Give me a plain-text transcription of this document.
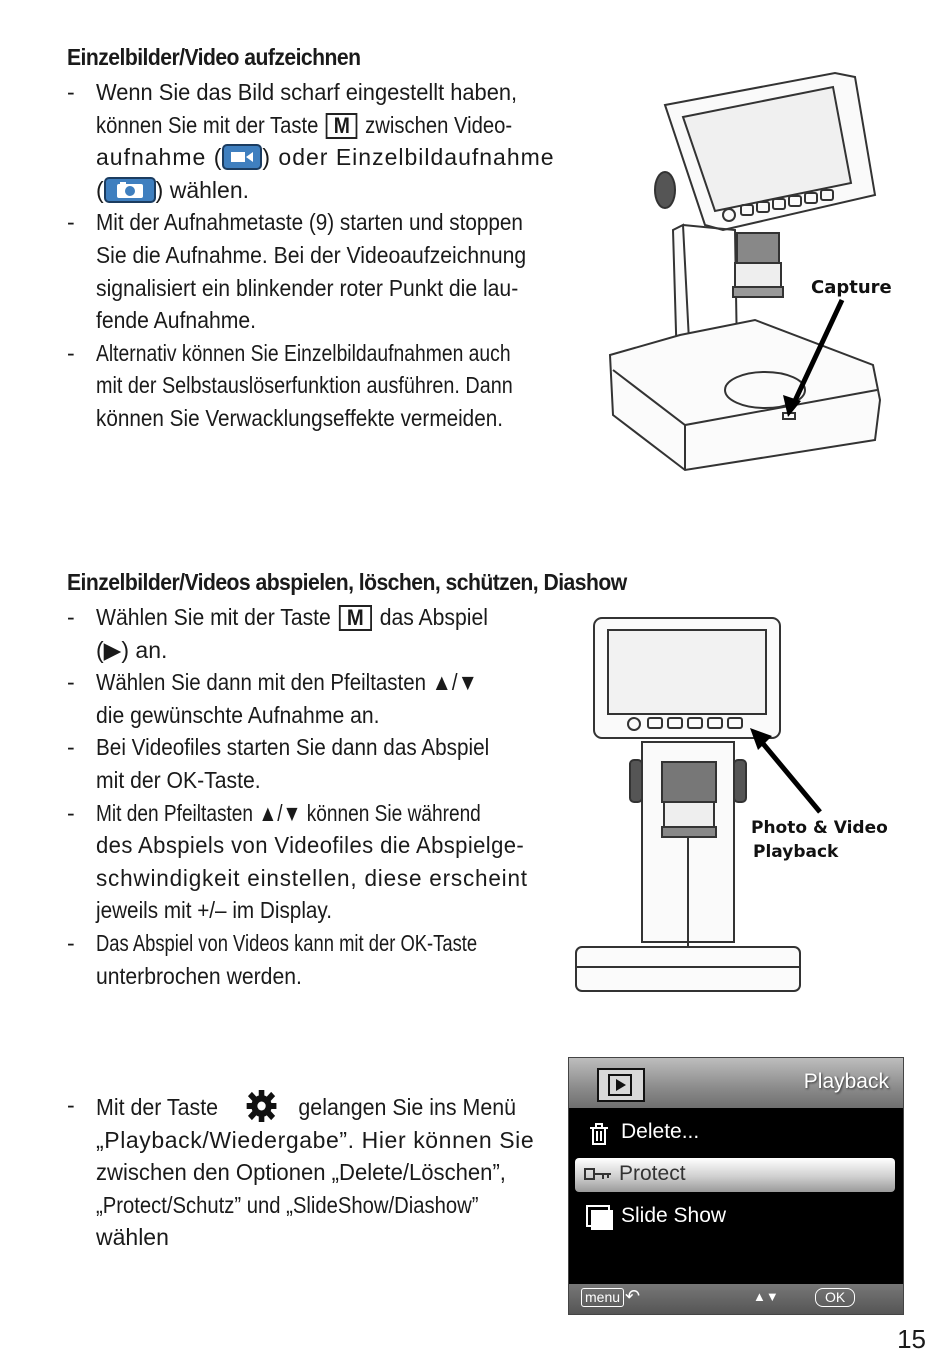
Einzelbilder/Video aufzeichnen
- Wenn Sie das Bild scharf eingestellt haben,
können Sie mit der Taste M zwischen Video-
aufnahme ( ) oder Einzelbildaufnahme
( ) wählen.
- Mit der Aufnahmetaste (9) starten und stoppen
Sie die Aufnahme. Bei der Videoaufzeichnung
signalisiert ein blinkender roter Punkt die lau-
fende Aufnahme.
- Alternativ können Sie Einzelbildaufnahmen auch
mit der Selbstauslöserfunktion ausführen. Dann
können Sie Verwacklungseffekte vermeiden.
Capture
Einzelbilder/Videos abspielen, löschen, schützen, Diashow
- Wählen Sie mit der Taste M das Abspiel
(▶) an.
- Wählen Sie dann mit den Pfeiltasten ▲/▼
die gewünschte Aufnahme an.
- Bei Videofiles starten Sie dann das Abspiel
mit der OK-Taste.
- Mit den Pfeiltasten ▲/▼ können Sie während
des Abspiels von Videofiles die Abspielge-
schwindigkeit einstellen, diese erscheint
jeweils mit +/– im Display.
- Das Abspiel von Videos kann mit der OK-Taste
unterbrochen werden.
Photo & Video
Playback
- Mit der Taste	gelangen Sie ins Menü
„Playback/Wiedergabe”. Hier können Sie
zwischen den Optionen „Delete/Löschen”,
„Protect/Schutz” und „SlideShow/Diashow”
wählen
Playback
Delete...
Protect
Slide Show
menu ↶	▲▼	OK
15
